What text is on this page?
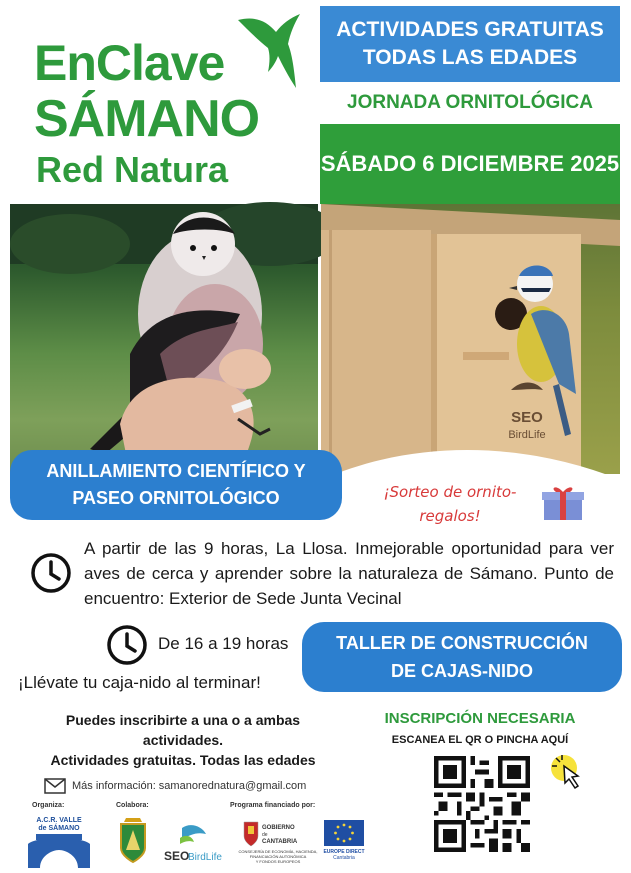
EnClave
SÁMANO
Red Natura
ACTIVIDADES GRATUITAS
TODAS LAS EDADES
JORNADA ORNITOLÓGICA
SÁBADO 6 DICIEMBRE 2025
SEO
BirdLife
ANILLAMIENTO CIENTÍFICO Y
PASEO ORNITOLÓGICO	¡Sorteo de ornito-
regalos!
A partir de las 9 horas, La Llosa. Inmejorable oportunidad para ver aves de cerca y aprender sobre la naturaleza de Sámano. Punto de encuentro: Exterior de Sede Junta Vecinal
De 16 a 19 horas
¡Llévate tu caja-nido al terminar!
TALLER DE CONSTRUCCIÓN
DE CAJAS-NIDO
Puedes inscribirte a una o a ambas actividades.
Actividades gratuitas. Todas las edades
Más información: samanorednatura@gmail.com
INSCRIPCIÓN NECESARIA
ESCANEA EL QR O PINCHA AQUÍ
Organiza:	Colabora:	Programa financiado por:
A.C.R. VALLE
de SÁMANO
SEO
BirdLife
GOBIERNO
de
CANTABRIA
CONSEJERÍA DE ECONOMÍA, HACIENDA,
FINANCIACIÓN AUTONÓMICA
Y FONDOS EUROPEOS
EUROPE DIRECT
Cantabria
